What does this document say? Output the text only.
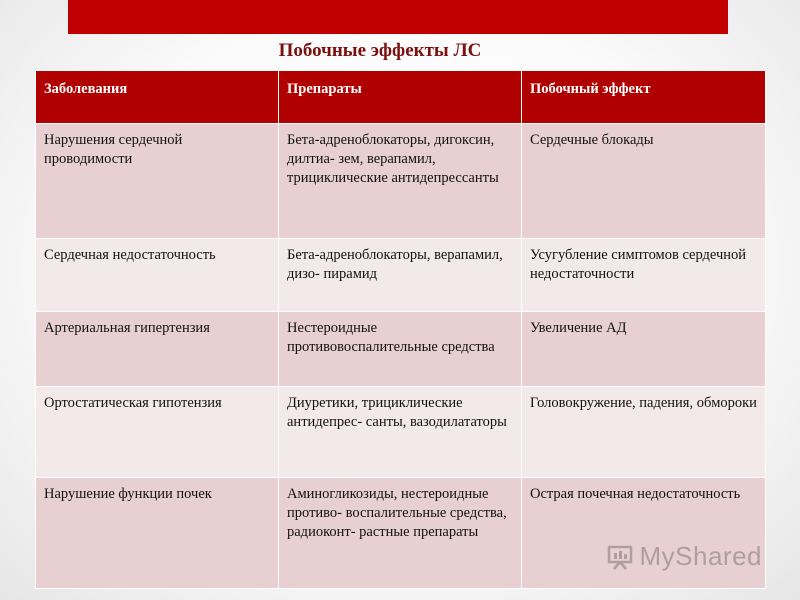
Побочные эффекты ЛС
Заболевания	Препараты	Побочный эффект
Нарушения сердечной проводимости	Бета-адреноблокаторы, дигоксин, дилтиа- зем, верапамил, трициклические антидепрессанты	Сердечные блокады
Сердечная недостаточность	Бета-адреноблокаторы, верапамил, дизо- пирамид	Усугубление симптомов сердечной недостаточности
Артериальная гипертензия	Нестероидные противовоспалительные средства	Увеличение АД
Ортостатическая гипотензия	Диуретики, трициклические антидепрес- санты, вазодилататоры	Головокружение, падения, обмороки
Нарушение функции почек	Аминогликозиды, нестероидные противо- воспалительные средства, радиоконт- растные препараты	Острая почечная недостаточность
MyShared
